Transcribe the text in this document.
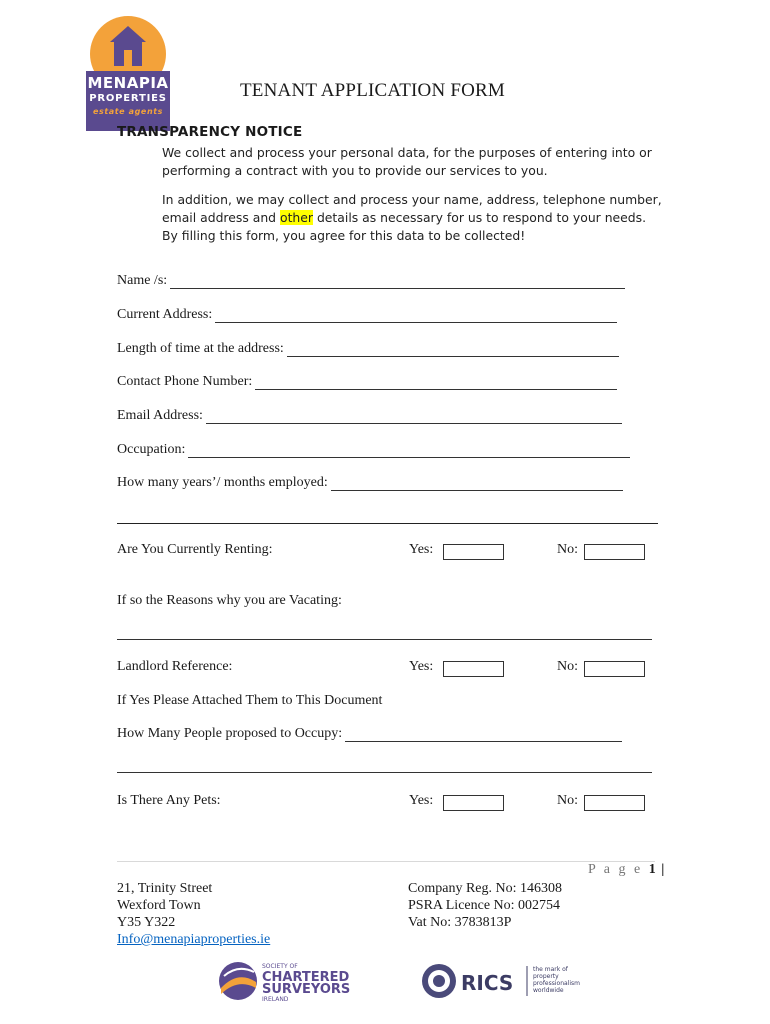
MENAPIA
PROPERTIES
estate agents
TENANT APPLICATION FORM
TRANSPARENCY NOTICE
We collect and process your personal data, for the purposes of entering into or performing a contract with you to provide our services to you.
In addition, we may collect and process your name, address, telephone number, email address and other details as necessary for us to respond to your needs. By filling this form, you agree for this data to be collected!
Name /s:
Current Address:
Length of time at the address:
Contact Phone Number:
Email Address:
Occupation:
How many years’/ months employed:
Are You Currently Renting:	Yes:	No:
If so the Reasons why you are Vacating:
Landlord Reference:	Yes:	No:
If Yes Please Attached Them to This Document
How Many People proposed to Occupy:
Is There Any Pets:	Yes:	No:
P a g e 1 |
21, Trinity Street
Wexford Town
Y35 Y322
Info@menapiaproperties.ie
Company Reg. No: 146308
PSRA Licence No: 002754
Vat No: 3783813P
SOCIETY OF
CHARTERED
SURVEYORS
IRELAND
RICS
the mark of
property
professionalism
worldwide
